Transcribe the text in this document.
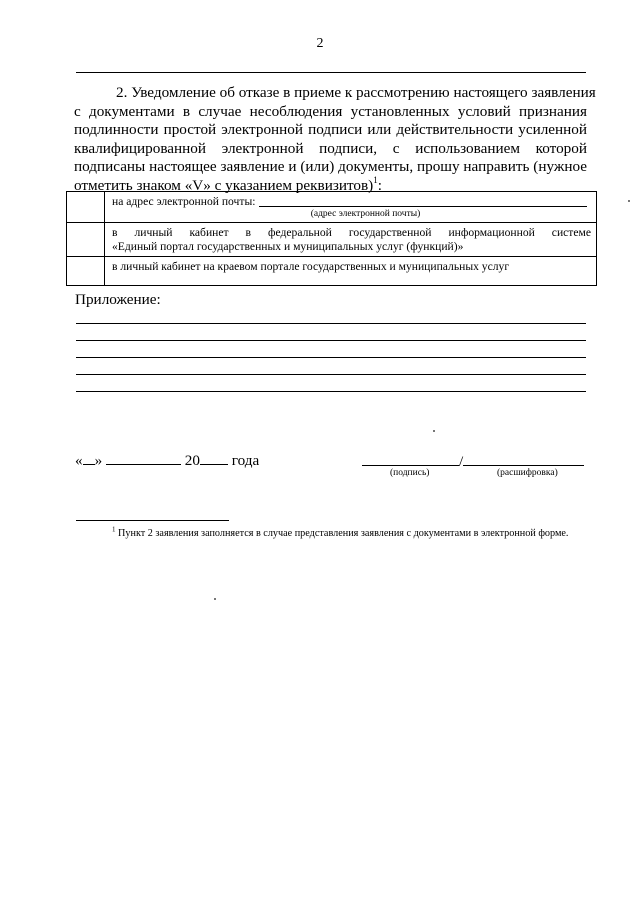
2
2. Уведомление об отказе в приеме к рассмотрению настоящего заявления
с документами в случае несоблюдения установленных условий признания
подлинности простой электронной подписи или действительности усиленной
квалифицированной электронной подписи, с использованием которой
подписаны настоящее заявление и (или) документы, прошу направить (нужное
отметить знаком «V» с указанием реквизитов)$^1$:

	на адрес электронной почты:
(адрес электронной почты)

	в личный кабинет в федеральной государственной информационной системе
«Единый портал государственных и муниципальных услуг (функций)»
	в личный кабинет на краевом портале государственных и муниципальных услуг
Приложение:
« »	20 года	/
(подпись)	(расшифровка)
$^1$ Пункт 2 заявления заполняется в случае представления заявления с документами в электронной форме.
